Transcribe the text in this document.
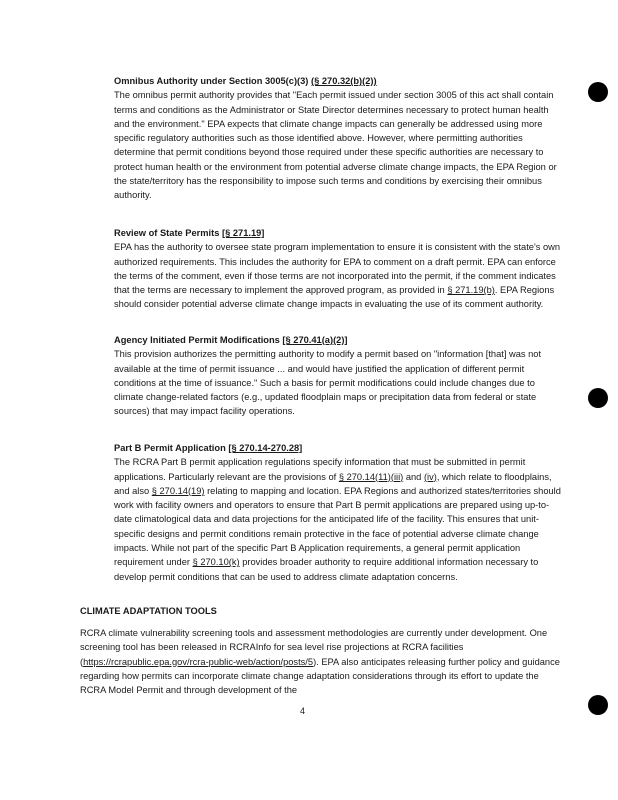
Omnibus Authority under Section 3005(c)(3) (§ 270.32(b)(2))
The omnibus permit authority provides that "Each permit issued under section 3005 of this act shall contain terms and conditions as the Administrator or State Director determines necessary to protect human health and the environment." EPA expects that climate change impacts can generally be addressed using more specific regulatory authorities such as those identified above. However, where permitting authorities determine that permit conditions beyond those required under these specific authorities are necessary to protect human health or the environment from potential adverse climate change impacts, the EPA Region or the state/territory has the responsibility to impose such terms and conditions by exercising their omnibus authority.
Review of State Permits [§ 271.19]
EPA has the authority to oversee state program implementation to ensure it is consistent with the state's own authorized requirements. This includes the authority for EPA to comment on a draft permit. EPA can enforce the terms of the comment, even if those terms are not incorporated into the permit, if the comment indicates that the terms are necessary to implement the approved program, as provided in § 271.19(b). EPA Regions should consider potential adverse climate change impacts in evaluating the use of its comment authority.
Agency Initiated Permit Modifications [§ 270.41(a)(2)]
This provision authorizes the permitting authority to modify a permit based on "information [that] was not available at the time of permit issuance ... and would have justified the application of different permit conditions at the time of issuance." Such a basis for permit modifications could include changes due to climate change-related factors (e.g., updated floodplain maps or precipitation data from federal or state sources) that may impact facility operations.
Part B Permit Application [§ 270.14-270.28]
The RCRA Part B permit application regulations specify information that must be submitted in permit applications. Particularly relevant are the provisions of § 270.14(11)(iii) and (iv), which relate to floodplains, and also § 270.14(19) relating to mapping and location. EPA Regions and authorized states/territories should work with facility owners and operators to ensure that Part B permit applications are prepared using up-to-date climatological data and data projections for the anticipated life of the facility. This ensures that unit-specific designs and permit conditions remain protective in the face of potential adverse climate change impacts. While not part of the specific Part B Application requirements, a general permit application requirement under § 270.10(k) provides broader authority to require additional information necessary to develop permit conditions that can be used to address climate adaptation concerns.
CLIMATE ADAPTATION TOOLS
RCRA climate vulnerability screening tools and assessment methodologies are currently under development. One screening tool has been released in RCRAInfo for sea level rise projections at RCRA facilities (https://rcrapublic.epa.gov/rcra-public-web/action/posts/5). EPA also anticipates releasing further policy and guidance regarding how permits can incorporate climate change adaptation considerations through its effort to update the RCRA Model Permit and through development of the
4
